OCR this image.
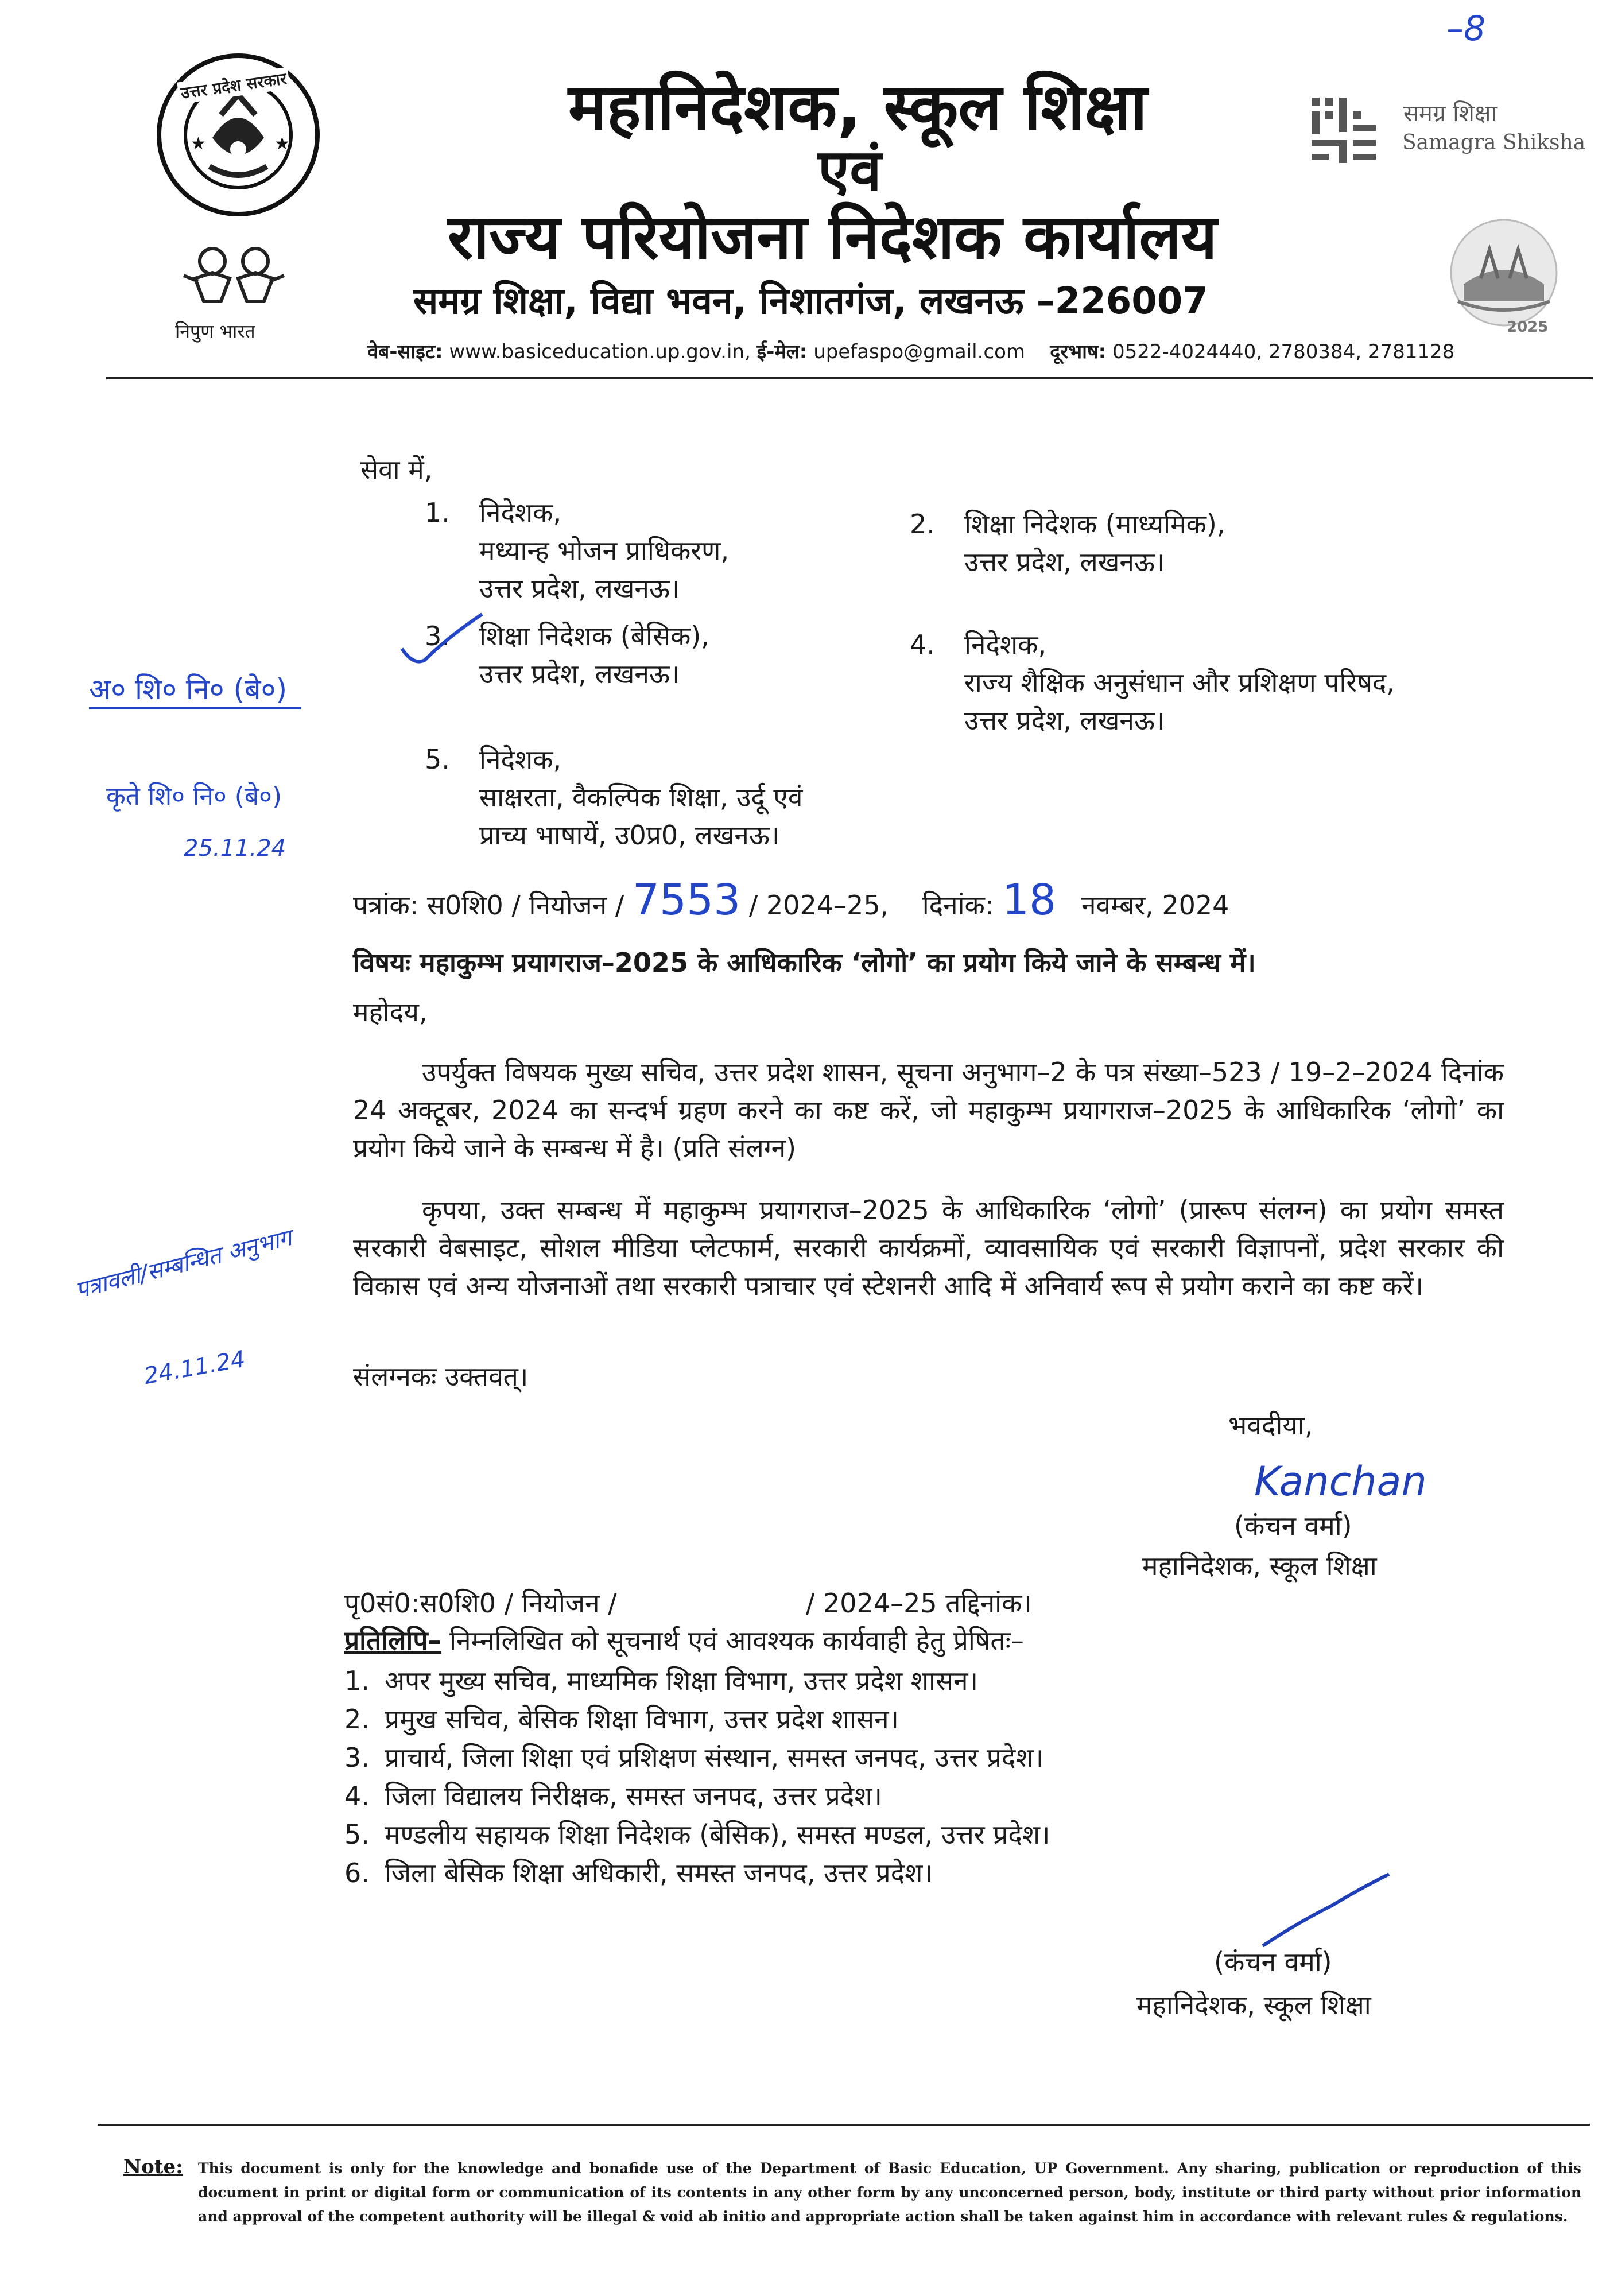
★	★
उत्तर प्रदेश सरकार
निपुण भारत
महानिदेशक, स्कूल शिक्षा
एवं
राज्य परियोजना निदेशक कार्यालय
समग्र शिक्षा, विद्या भवन, निशातगंज, लखनऊ –226007
वेब-साइट: www.basiceducation.up.gov.in, ई-मेल: upefaspo@gmail.com दूरभाष: 0522-4024440, 2780384, 2781128
समग्र शिक्षा
Samagra Shiksha
2025
–8
सेवा में,
1. निदेशक,
मध्यान्ह भोजन प्राधिकरण,
उत्तर प्रदेश, लखनऊ।
2. शिक्षा निदेशक (माध्यमिक),
उत्तर प्रदेश, लखनऊ।
3. शिक्षा निदेशक (बेसिक),
उत्तर प्रदेश, लखनऊ।
4. निदेशक,
राज्य शैक्षिक अनुसंधान और प्रशिक्षण परिषद,
उत्तर प्रदेश, लखनऊ।
5. निदेशक,
साक्षरता, वैकल्पिक शिक्षा, उर्दू एवं
प्राच्य भाषायें, उ0प्र0, लखनऊ।
अ० शि० नि० (बे०)
कृते शि० नि० (बे०)
25.11.24
पत्रावली/सम्बन्धित अनुभाग
24.11.24
पत्रांक: स0शि0 / नियोजन / 7553 / 2024–25, दिनांक: 18 नवम्बर, 2024
विषयः महाकुम्भ प्रयागराज–2025 के आधिकारिक ‘लोगो’ का प्रयोग किये जाने के सम्बन्ध में।
महोदय,
उपर्युक्त विषयक मुख्य सचिव, उत्तर प्रदेश शासन, सूचना अनुभाग–2 के पत्र संख्या–523 / 19–2–2024 दिनांक 24 अक्टूबर, 2024 का सन्दर्भ ग्रहण करने का कष्ट करें, जो महाकुम्भ प्रयागराज–2025 के आधिकारिक ‘लोगो’ का प्रयोग किये जाने के सम्बन्ध में है। (प्रति संलग्न)
कृपया, उक्त सम्बन्ध में महाकुम्भ प्रयागराज–2025 के आधिकारिक ‘लोगो’ (प्रारूप संलग्न) का प्रयोग समस्त सरकारी वेबसाइट, सोशल मीडिया प्लेटफार्म, सरकारी कार्यक्रमों, व्यावसायिक एवं सरकारी विज्ञापनों, प्रदेश सरकार की विकास एवं अन्य योजनाओं तथा सरकारी पत्राचार एवं स्टेशनरी आदि में अनिवार्य रूप से प्रयोग कराने का कष्ट करें।
संलग्नकः उक्तवत्।
भवदीया,
Kanchan
(कंचन वर्मा)
महानिदेशक, स्कूल शिक्षा
पृ0सं0:स0शि0 / नियोजन /	/ 2024–25 तद्दिनांक।
प्रतिलिपि– निम्नलिखित को सूचनार्थ एवं आवश्यक कार्यवाही हेतु प्रेषितः–
1. अपर मुख्य सचिव, माध्यमिक शिक्षा विभाग, उत्तर प्रदेश शासन।
2. प्रमुख सचिव, बेसिक शिक्षा विभाग, उत्तर प्रदेश शासन।
3. प्राचार्य, जिला शिक्षा एवं प्रशिक्षण संस्थान, समस्त जनपद, उत्तर प्रदेश।
4. जिला विद्यालय निरीक्षक, समस्त जनपद, उत्तर प्रदेश।
5. मण्डलीय सहायक शिक्षा निदेशक (बेसिक), समस्त मण्डल, उत्तर प्रदेश।
6. जिला बेसिक शिक्षा अधिकारी, समस्त जनपद, उत्तर प्रदेश।
(कंचन वर्मा)
महानिदेशक, स्कूल शिक्षा
Note: This document is only for the knowledge and bonafide use of the Department of Basic Education, UP Government. Any sharing, publication or reproduction of this document in print or digital form or communication of its contents in any other form by any unconcerned person, body, institute or third party without prior information and approval of the competent authority will be illegal & void ab initio and appropriate action shall be taken against him in accordance with relevant rules & regulations.
